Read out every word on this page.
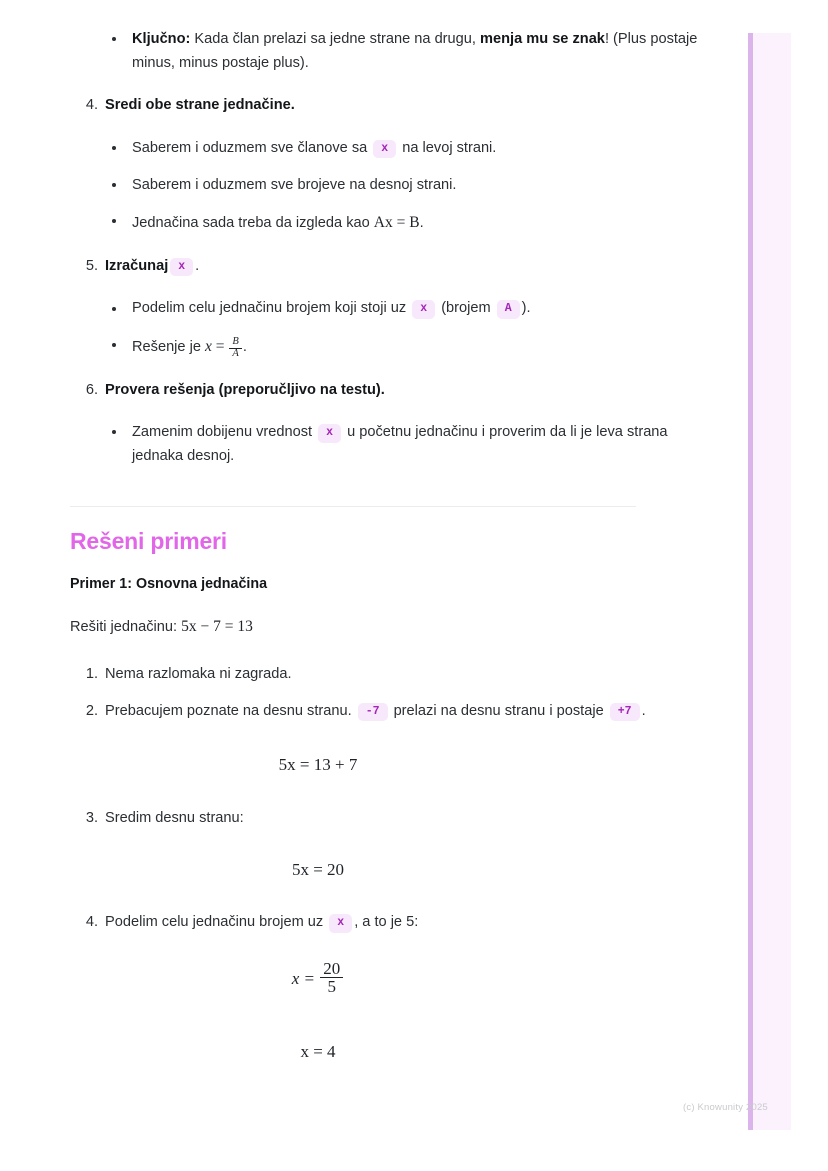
Ključno: Kada član prelazi sa jedne strane na drugu, menja mu se znak! (Plus postaje minus, minus postaje plus).
4. Sredi obe strane jednačine.
Saberem i oduzmem sve članove sa x na levoj strani.
Saberem i oduzmem sve brojeve na desnoj strani.
Jednačina sada treba da izgleda kao Ax = B.
5. Izračunaj x .
Podelim celu jednačinu brojem koji stoji uz x (brojem A ).
Rešenje je $x = \frac{B}{A}$ .
6. Provera rešenja (preporučljivo na testu).
Zamenim dobijenu vrednost x u početnu jednačinu i proverim da li je leva strana jednaka desnoj.
Rešeni primeri
Primer 1: Osnovna jednačina
Rešiti jednačinu: 5x − 7 = 13
1. Nema razlomaka ni zagrada.
2. Prebacujem poznate na desnu stranu. -7 prelazi na desnu stranu i postaje +7 .
5x = 13 + 7
3. Sredim desnu stranu:
5x = 20
4. Podelim celu jednačinu brojem uz x , a to je 5:
$x = \frac{20}{5}$
x = 4
(c) Knowunity 2025
